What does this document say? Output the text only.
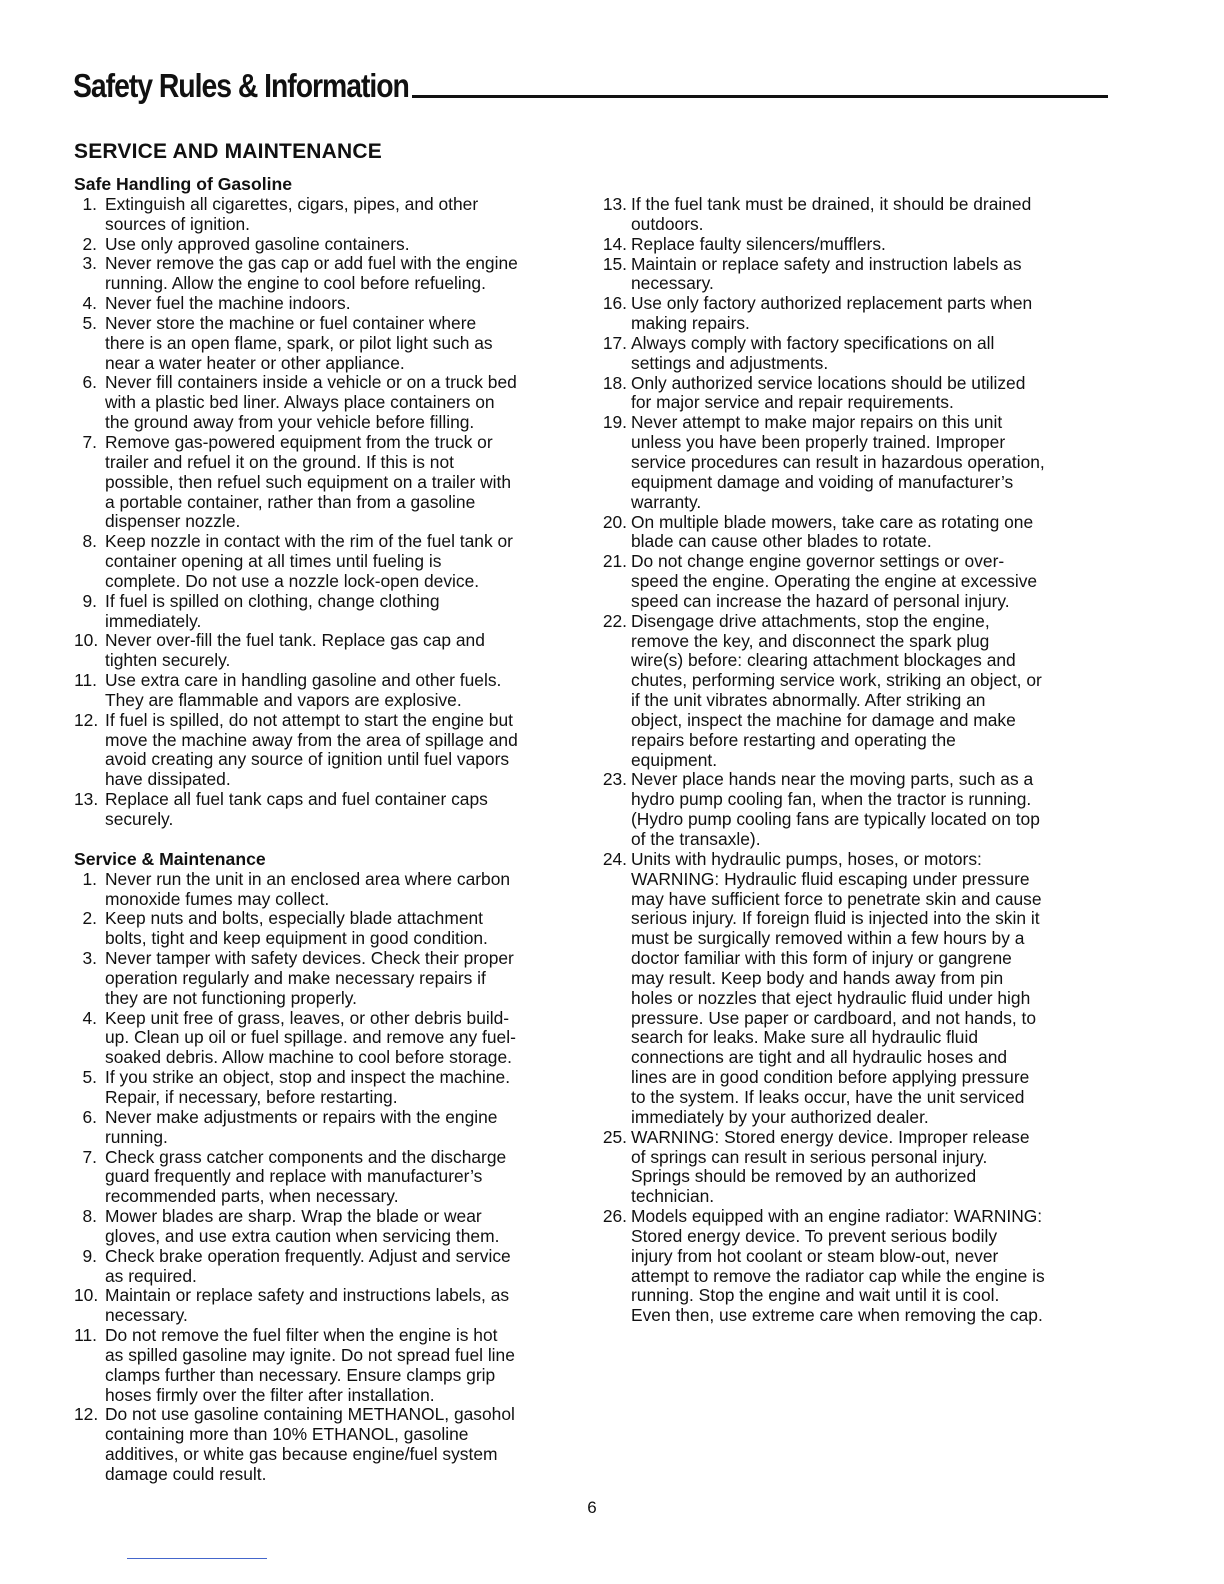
Safety Rules & Information
SERVICE AND MAINTENANCE
Safe Handling of Gasoline
1. Extinguish all cigarettes, cigars, pipes, and other
sources of ignition.
2. Use only approved gasoline containers.
3. Never remove the gas cap or add fuel with the engine
running. Allow the engine to cool before refueling.
4. Never fuel the machine indoors.
5. Never store the machine or fuel container where
there is an open flame, spark, or pilot light such as
near a water heater or other appliance.
6. Never fill containers inside a vehicle or on a truck bed
with a plastic bed liner. Always place containers on
the ground away from your vehicle before filling.
7. Remove gas-powered equipment from the truck or
trailer and refuel it on the ground. If this is not
possible, then refuel such equipment on a trailer with
a portable container, rather than from a gasoline
dispenser nozzle.
8. Keep nozzle in contact with the rim of the fuel tank or
container opening at all times until fueling is
complete. Do not use a nozzle lock-open device.
9. If fuel is spilled on clothing, change clothing
immediately.
10. Never over-fill the fuel tank. Replace gas cap and
tighten securely.
11. Use extra care in handling gasoline and other fuels.
They are flammable and vapors are explosive.
12. If fuel is spilled, do not attempt to start the engine but
move the machine away from the area of spillage and
avoid creating any source of ignition until fuel vapors
have dissipated.
13. Replace all fuel tank caps and fuel container caps
securely.
Service & Maintenance
1. Never run the unit in an enclosed area where carbon
monoxide fumes may collect.
2. Keep nuts and bolts, especially blade attachment
bolts, tight and keep equipment in good condition.
3. Never tamper with safety devices. Check their proper
operation regularly and make necessary repairs if
they are not functioning properly.
4. Keep unit free of grass, leaves, or other debris build-
up. Clean up oil or fuel spillage. and remove any fuel-
soaked debris. Allow machine to cool before storage.
5. If you strike an object, stop and inspect the machine.
Repair, if necessary, before restarting.
6. Never make adjustments or repairs with the engine
running.
7. Check grass catcher components and the discharge
guard frequently and replace with manufacturer’s
recommended parts, when necessary.
8. Mower blades are sharp. Wrap the blade or wear
gloves, and use extra caution when servicing them.
9. Check brake operation frequently. Adjust and service
as required.
10. Maintain or replace safety and instructions labels, as
necessary.
11. Do not remove the fuel filter when the engine is hot
as spilled gasoline may ignite. Do not spread fuel line
clamps further than necessary. Ensure clamps grip
hoses firmly over the filter after installation.
12. Do not use gasoline containing METHANOL, gasohol
containing more than 10% ETHANOL, gasoline
additives, or white gas because engine/fuel system
damage could result.
13. If the fuel tank must be drained, it should be drained
outdoors.
14. Replace faulty silencers/mufflers.
15. Maintain or replace safety and instruction labels as
necessary.
16. Use only factory authorized replacement parts when
making repairs.
17. Always comply with factory specifications on all
settings and adjustments.
18. Only authorized service locations should be utilized
for major service and repair requirements.
19. Never attempt to make major repairs on this unit
unless you have been properly trained. Improper
service procedures can result in hazardous operation,
equipment damage and voiding of manufacturer’s
warranty.
20. On multiple blade mowers, take care as rotating one
blade can cause other blades to rotate.
21. Do not change engine governor settings or over-
speed the engine. Operating the engine at excessive
speed can increase the hazard of personal injury.
22. Disengage drive attachments, stop the engine,
remove the key, and disconnect the spark plug
wire(s) before: clearing attachment blockages and
chutes, performing service work, striking an object, or
if the unit vibrates abnormally. After striking an
object, inspect the machine for damage and make
repairs before restarting and operating the
equipment.
23. Never place hands near the moving parts, such as a
hydro pump cooling fan, when the tractor is running.
(Hydro pump cooling fans are typically located on top
of the transaxle).
24. Units with hydraulic pumps, hoses, or motors:
WARNING: Hydraulic fluid escaping under pressure
may have sufficient force to penetrate skin and cause
serious injury. If foreign fluid is injected into the skin it
must be surgically removed within a few hours by a
doctor familiar with this form of injury or gangrene
may result. Keep body and hands away from pin
holes or nozzles that eject hydraulic fluid under high
pressure. Use paper or cardboard, and not hands, to
search for leaks. Make sure all hydraulic fluid
connections are tight and all hydraulic hoses and
lines are in good condition before applying pressure
to the system. If leaks occur, have the unit serviced
immediately by your authorized dealer.
25. WARNING: Stored energy device. Improper release
of springs can result in serious personal injury.
Springs should be removed by an authorized
technician.
26. Models equipped with an engine radiator: WARNING:
Stored energy device. To prevent serious bodily
injury from hot coolant or steam blow-out, never
attempt to remove the radiator cap while the engine is
running. Stop the engine and wait until it is cool.
Even then, use extreme care when removing the cap.
6
